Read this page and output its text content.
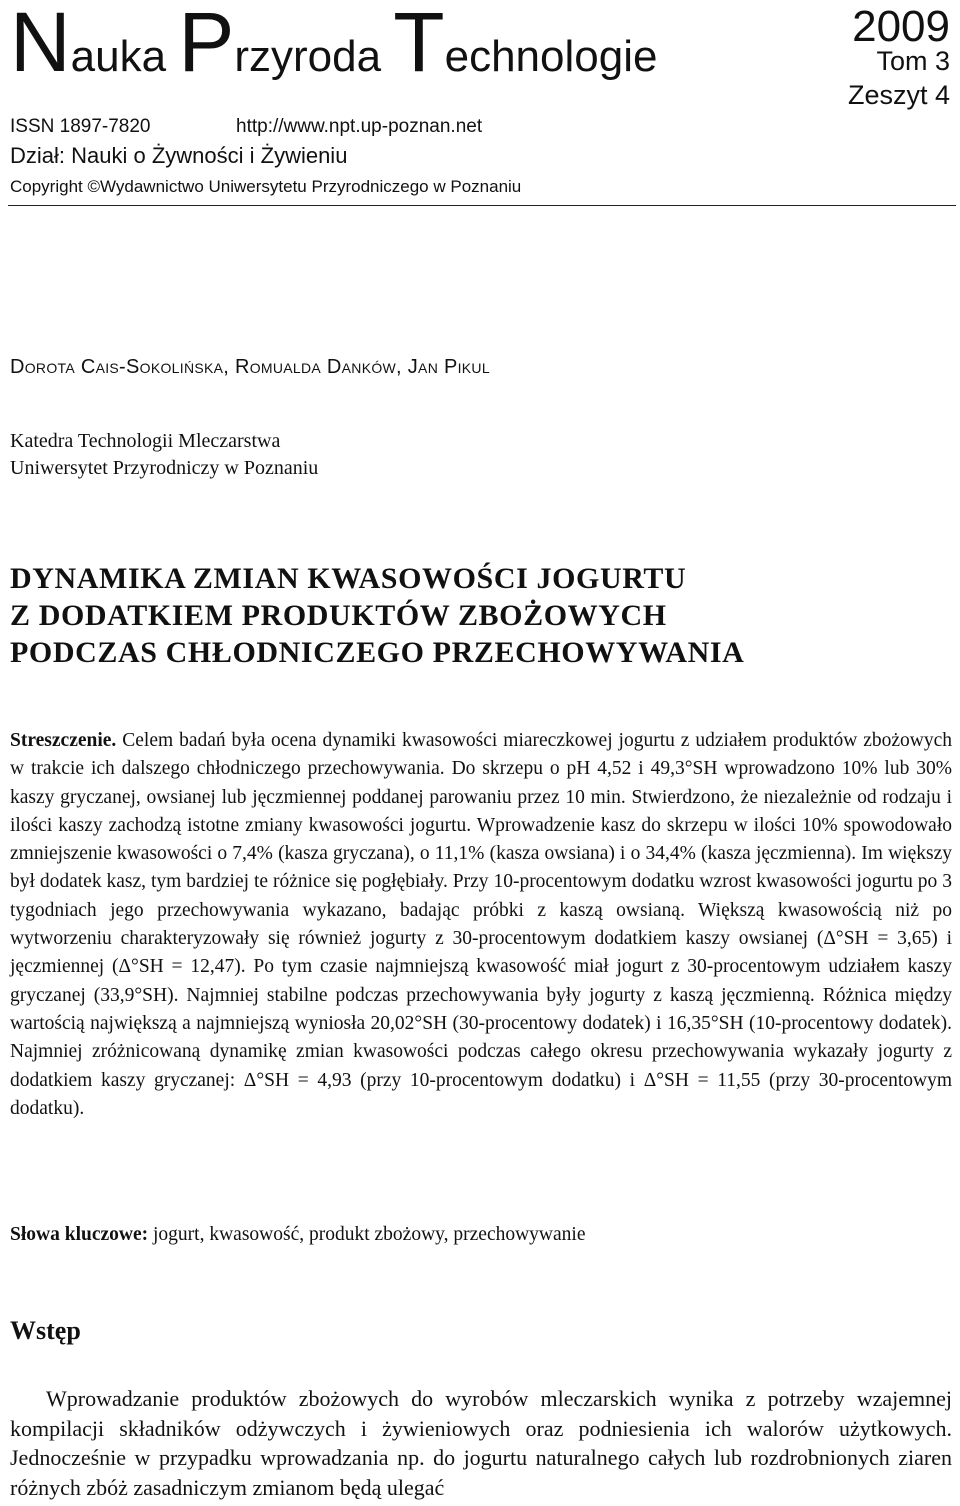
Nauka Przyroda Technologie
2009
Tom 3
Zeszyt 4
ISSN 1897-7820	http://www.npt.up-poznan.net
Dział: Nauki o Żywności i Żywieniu
Copyright ©Wydawnictwo Uniwersytetu Przyrodniczego w Poznaniu
Dorota Cais-Sokolińska, Romualda Danków, Jan Pikul
Katedra Technologii Mleczarstwa
Uniwersytet Przyrodniczy w Poznaniu
DYNAMIKA ZMIAN KWASOWOŚCI JOGURTU
Z DODATKIEM PRODUKTÓW ZBOŻOWYCH
PODCZAS CHŁODNICZEGO PRZECHOWYWANIA
Streszczenie. Celem badań była ocena dynamiki kwasowości miareczkowej jogurtu z udziałem produktów zbożowych w trakcie ich dalszego chłodniczego przechowywania. Do skrzepu o pH 4,52 i 49,3°SH wprowadzono 10% lub 30% kaszy gryczanej, owsianej lub jęczmiennej poddanej parowaniu przez 10 min. Stwierdzono, że niezależnie od rodzaju i ilości kaszy zachodzą istotne zmiany kwasowości jogurtu. Wprowadzenie kasz do skrzepu w ilości 10% spowodowało zmniejszenie kwasowości o 7,4% (kasza gryczana), o 11,1% (kasza owsiana) i o 34,4% (kasza jęczmienna). Im większy był dodatek kasz, tym bardziej te różnice się pogłębiały. Przy 10-procentowym dodatku wzrost kwasowości jogurtu po 3 tygodniach jego przechowywania wykazano, badając próbki z kaszą owsianą. Większą kwasowością niż po wytworzeniu charakteryzowały się również jogurty z 30-procentowym dodatkiem kaszy owsianej (Δ°SH = 3,65) i jęczmiennej (Δ°SH = 12,47). Po tym czasie najmniejszą kwasowość miał jogurt z 30-procentowym udziałem kaszy gryczanej (33,9°SH). Najmniej stabilne podczas przechowywania były jogurty z kaszą jęczmienną. Różnica między wartością największą a najmniejszą wyniosła 20,02°SH (30-procentowy dodatek) i 16,35°SH (10-procentowy dodatek). Najmniej zróżnicowaną dynamikę zmian kwasowości podczas całego okresu przechowywania wykazały jogurty z dodatkiem kaszy gryczanej: Δ°SH = 4,93 (przy 10-procentowym dodatku) i Δ°SH = 11,55 (przy 30-procentowym dodatku).
Słowa kluczowe: jogurt, kwasowość, produkt zbożowy, przechowywanie
Wstęp
Wprowadzanie produktów zbożowych do wyrobów mleczarskich wynika z potrzeby wzajemnej kompilacji składników odżywczych i żywieniowych oraz podniesienia ich walorów użytkowych. Jednocześnie w przypadku wprowadzania np. do jogurtu naturalnego całych lub rozdrobnionych ziaren różnych zbóż zasadniczym zmianom będą ulegać
